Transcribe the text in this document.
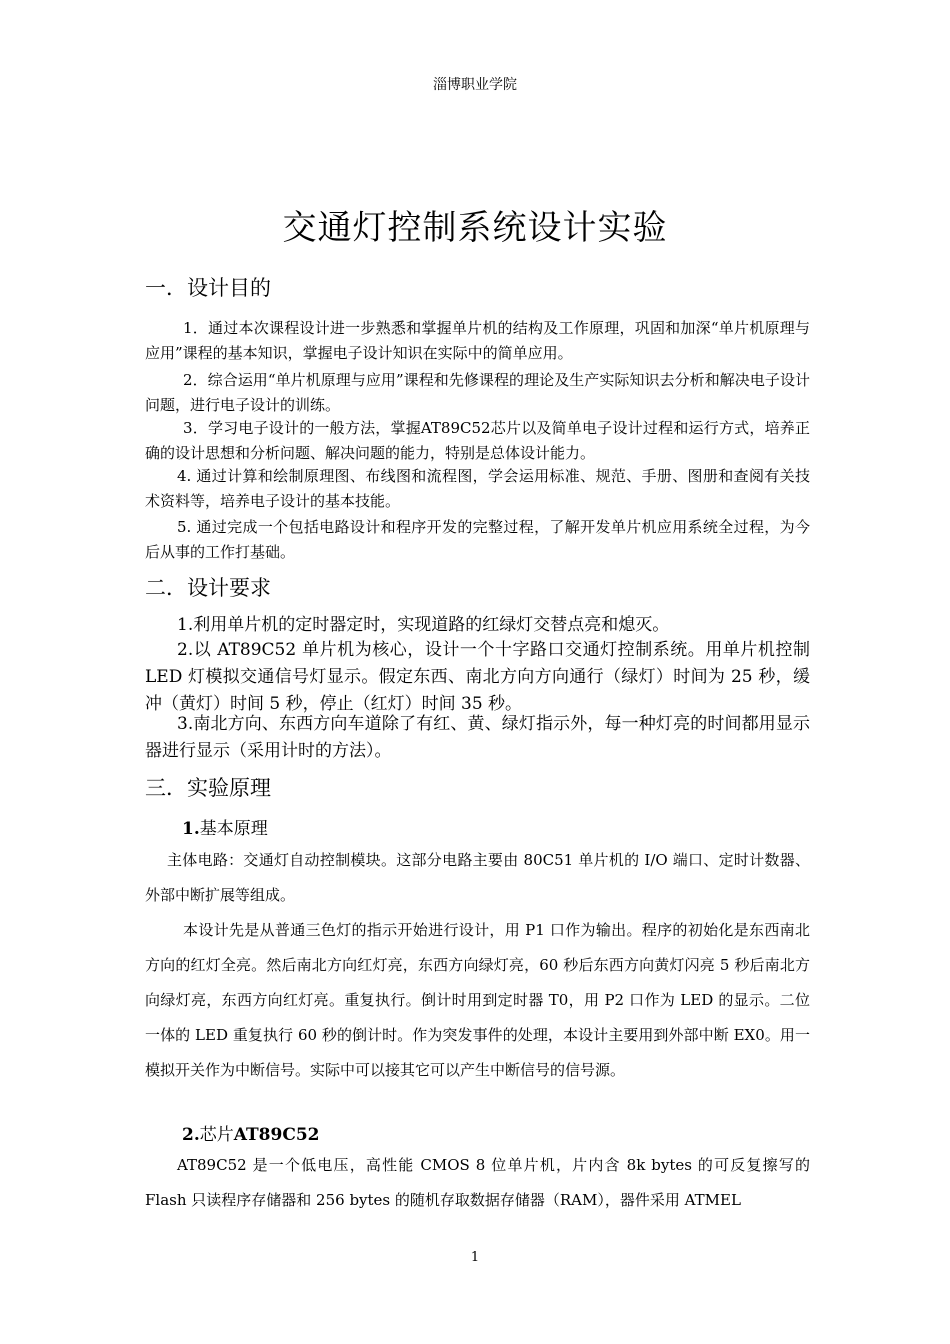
淄博职业学院
交通灯控制系统设计实验
一．设计目的
1．通过本次课程设计进一步熟悉和掌握单片机的结构及工作原理，巩固和加深“单片机原理与应用”课程的基本知识，掌握电子设计知识在实际中的简单应用。
2．综合运用“单片机原理与应用”课程和先修课程的理论及生产实际知识去分析和解决电子设计问题，进行电子设计的训练。
3．学习电子设计的一般方法，掌握AT89C52芯片以及简单电子设计过程和运行方式，培养正确的设计思想和分析问题、解决问题的能力，特别是总体设计能力。
4. 通过计算和绘制原理图、布线图和流程图，学会运用标准、规范、手册、图册和查阅有关技术资料等，培养电子设计的基本技能。
5. 通过完成一个包括电路设计和程序开发的完整过程，了解开发单片机应用系统全过程，为今后从事的工作打基础。
二．设计要求
1.利用单片机的定时器定时，实现道路的红绿灯交替点亮和熄灭。
2.以 AT89C52 单片机为核心，设计一个十字路口交通灯控制系统。用单片机控制 LED 灯模拟交通信号灯显示。假定东西、南北方向方向通行（绿灯）时间为 25 秒，缓冲（黄灯）时间 5 秒，停止（红灯）时间 35 秒。
3.南北方向、东西方向车道除了有红、黄、绿灯指示外，每一种灯亮的时间都用显示器进行显示（采用计时的方法）。
三．实验原理
1.基本原理
主体电路：交通灯自动控制模块。这部分电路主要由 80C51 单片机的 I/O 端口、定时计数器、外部中断扩展等组成。
本设计先是从普通三色灯的指示开始进行设计，用 P1 口作为输出。程序的初始化是东西南北方向的红灯全亮。然后南北方向红灯亮，东西方向绿灯亮，60 秒后东西方向黄灯闪亮 5 秒后南北方向绿灯亮，东西方向红灯亮。重复执行。倒计时用到定时器 T0，用 P2 口作为 LED 的显示。二位一体的 LED 重复执行 60 秒的倒计时。作为突发事件的处理，本设计主要用到外部中断 EX0。用一模拟开关作为中断信号。实际中可以接其它可以产生中断信号的信号源。
2.芯片AT89C52
AT89C52 是一个低电压，高性能 CMOS 8 位单片机，片内含 8k bytes 的可反复擦写的 Flash 只读程序存储器和 256 bytes 的随机存取数据存储器（RAM），器件采用 ATMEL
1
